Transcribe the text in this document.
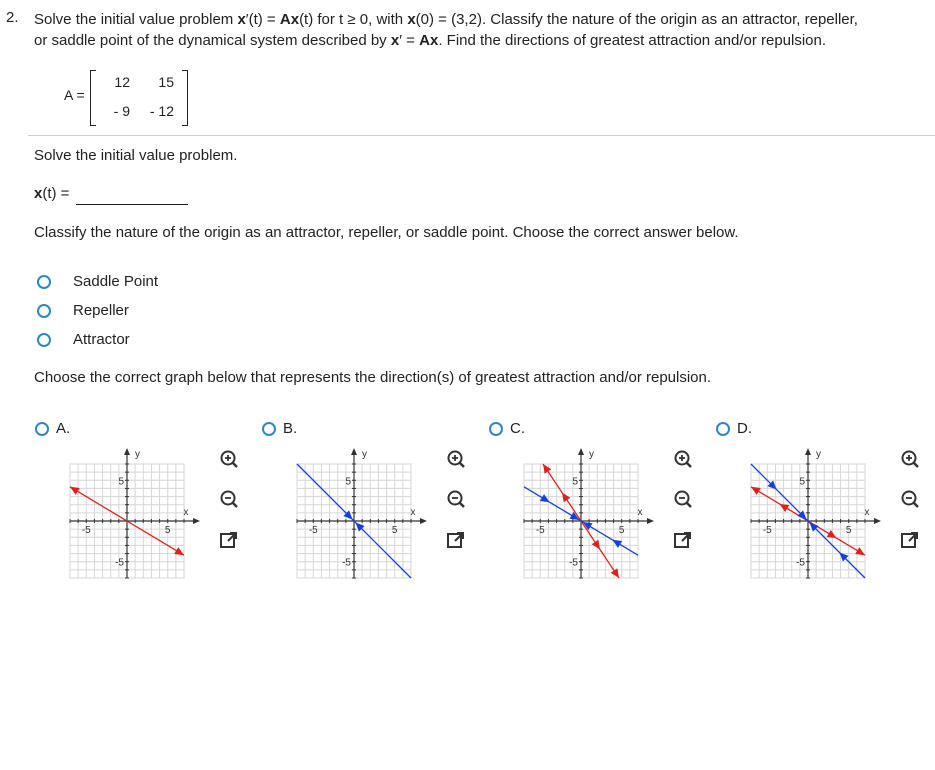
2. Solve the initial value problem x′(t) = Ax(t) for t ≥ 0, with x(0) = (3,2). Classify the nature of the origin as an attractor, repeller,
or saddle point of the dynamical system described by x′ = Ax. Find the directions of greatest attraction and/or repulsion.
A =
12	15
- 9	- 12
Solve the initial value problem.
x(t) =
Classify the nature of the origin as an attractor, repeller, or saddle point. Choose the correct answer below.
Saddle Point
Repeller
Attractor
Choose the correct graph below that represents the direction(s) of greatest attraction and/or repulsion.
A.
y
x
5
-5
-5	5
B.
y
x
5
-5
-5	5
C.
y
x
5
-5
-5	5
D.
y
x
5
-5
-5	5
